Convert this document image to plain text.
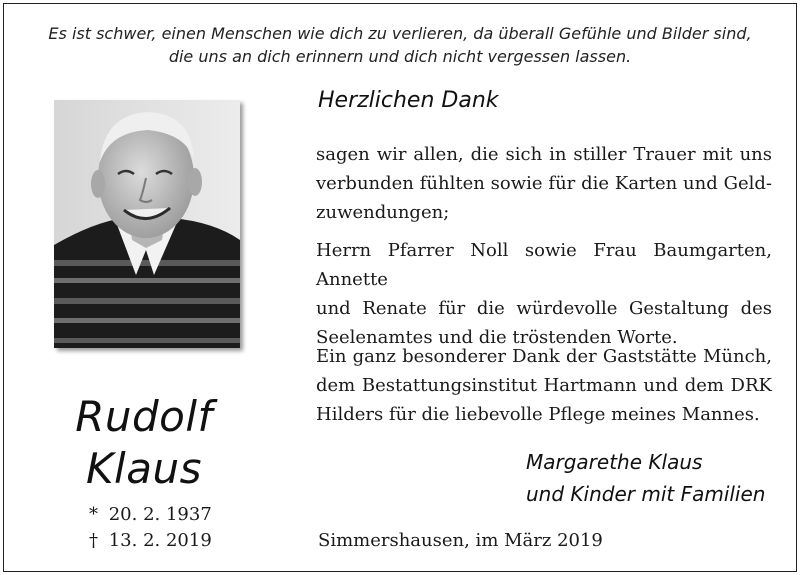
Es ist schwer, einen Menschen wie dich zu verlieren, da überall Gefühle und Bilder sind,
die uns an dich erinnern und dich nicht vergessen lassen.
Rudolf
Klaus
* 20. 2. 1937
† 13. 2. 2019
Herzlichen Dank
sagen wir allen, die sich in stiller Trauer mit uns
verbunden fühlten sowie für die Karten und Geld-
zuwendungen;
Herrn Pfarrer Noll sowie Frau Baumgarten, Annette
und Renate für die würdevolle Gestaltung des
Seelenamtes und die tröstenden Worte.
Ein ganz besonderer Dank der Gaststätte Münch,
dem Bestattungsinstitut Hartmann und dem DRK
Hilders für die liebevolle Pflege meines Mannes.
Margarethe Klaus
und Kinder mit Familien
Simmershausen, im März 2019
